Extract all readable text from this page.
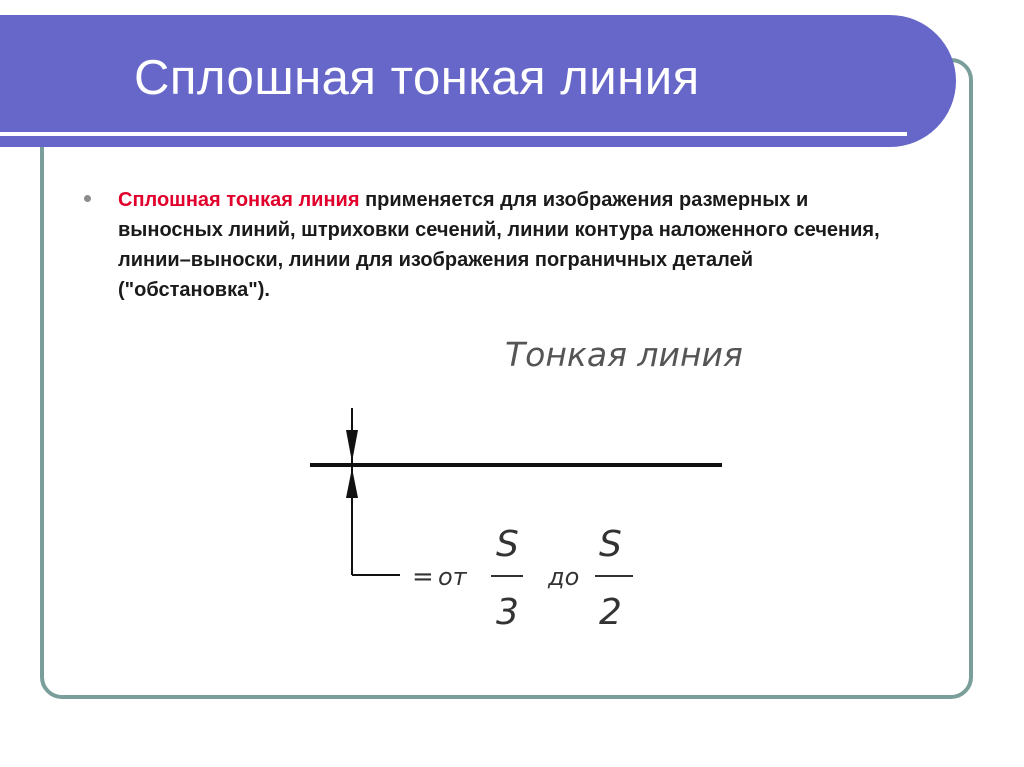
Сплошная тонкая линия

Сплошная тонкая линия применяется для изображения размерных и выносных линий, штриховки сечений, линии контура наложенного сечения, линии–выноски, линии для изображения пограничных деталей ("обстановка").

Тонкая линия
= от
S
3
до
S
2
